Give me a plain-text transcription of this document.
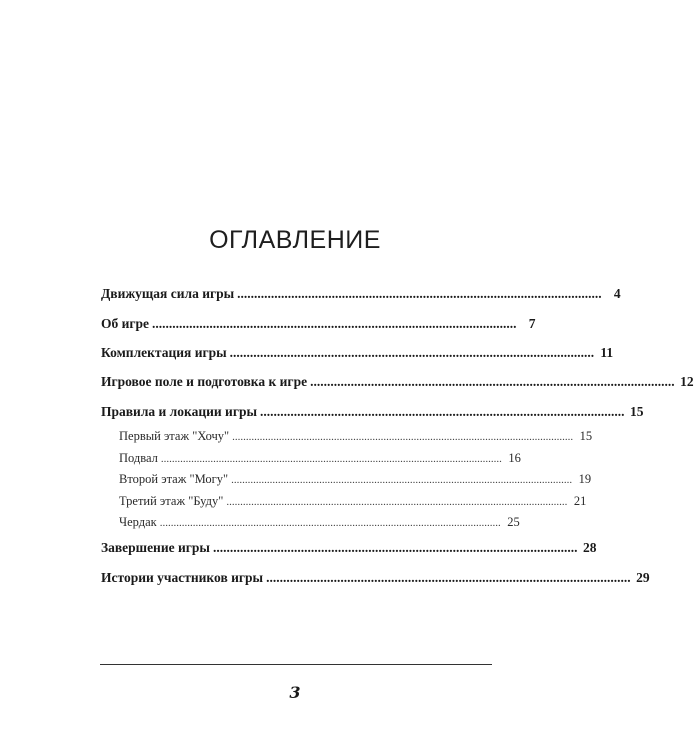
ОГЛАВЛЕНИЕ
Движущая сила игры ............................................................................................................ 4
Об игре ............................................................................................................ 7
Комплектация игры ............................................................................................................ 11
Игровое поле и подготовка к игре ............................................................................................................ 12
Правила и локации игры ............................................................................................................ 15
Первый этаж "Хочу" ............................................................................................................................ 15
Подвал ............................................................................................................................ 16
Второй этаж "Могу" ............................................................................................................................ 19
Третий этаж "Буду" ............................................................................................................................ 21
Чердак ............................................................................................................................ 25
Завершение игры ............................................................................................................ 28
Истории участников игры ............................................................................................................ 29
3
